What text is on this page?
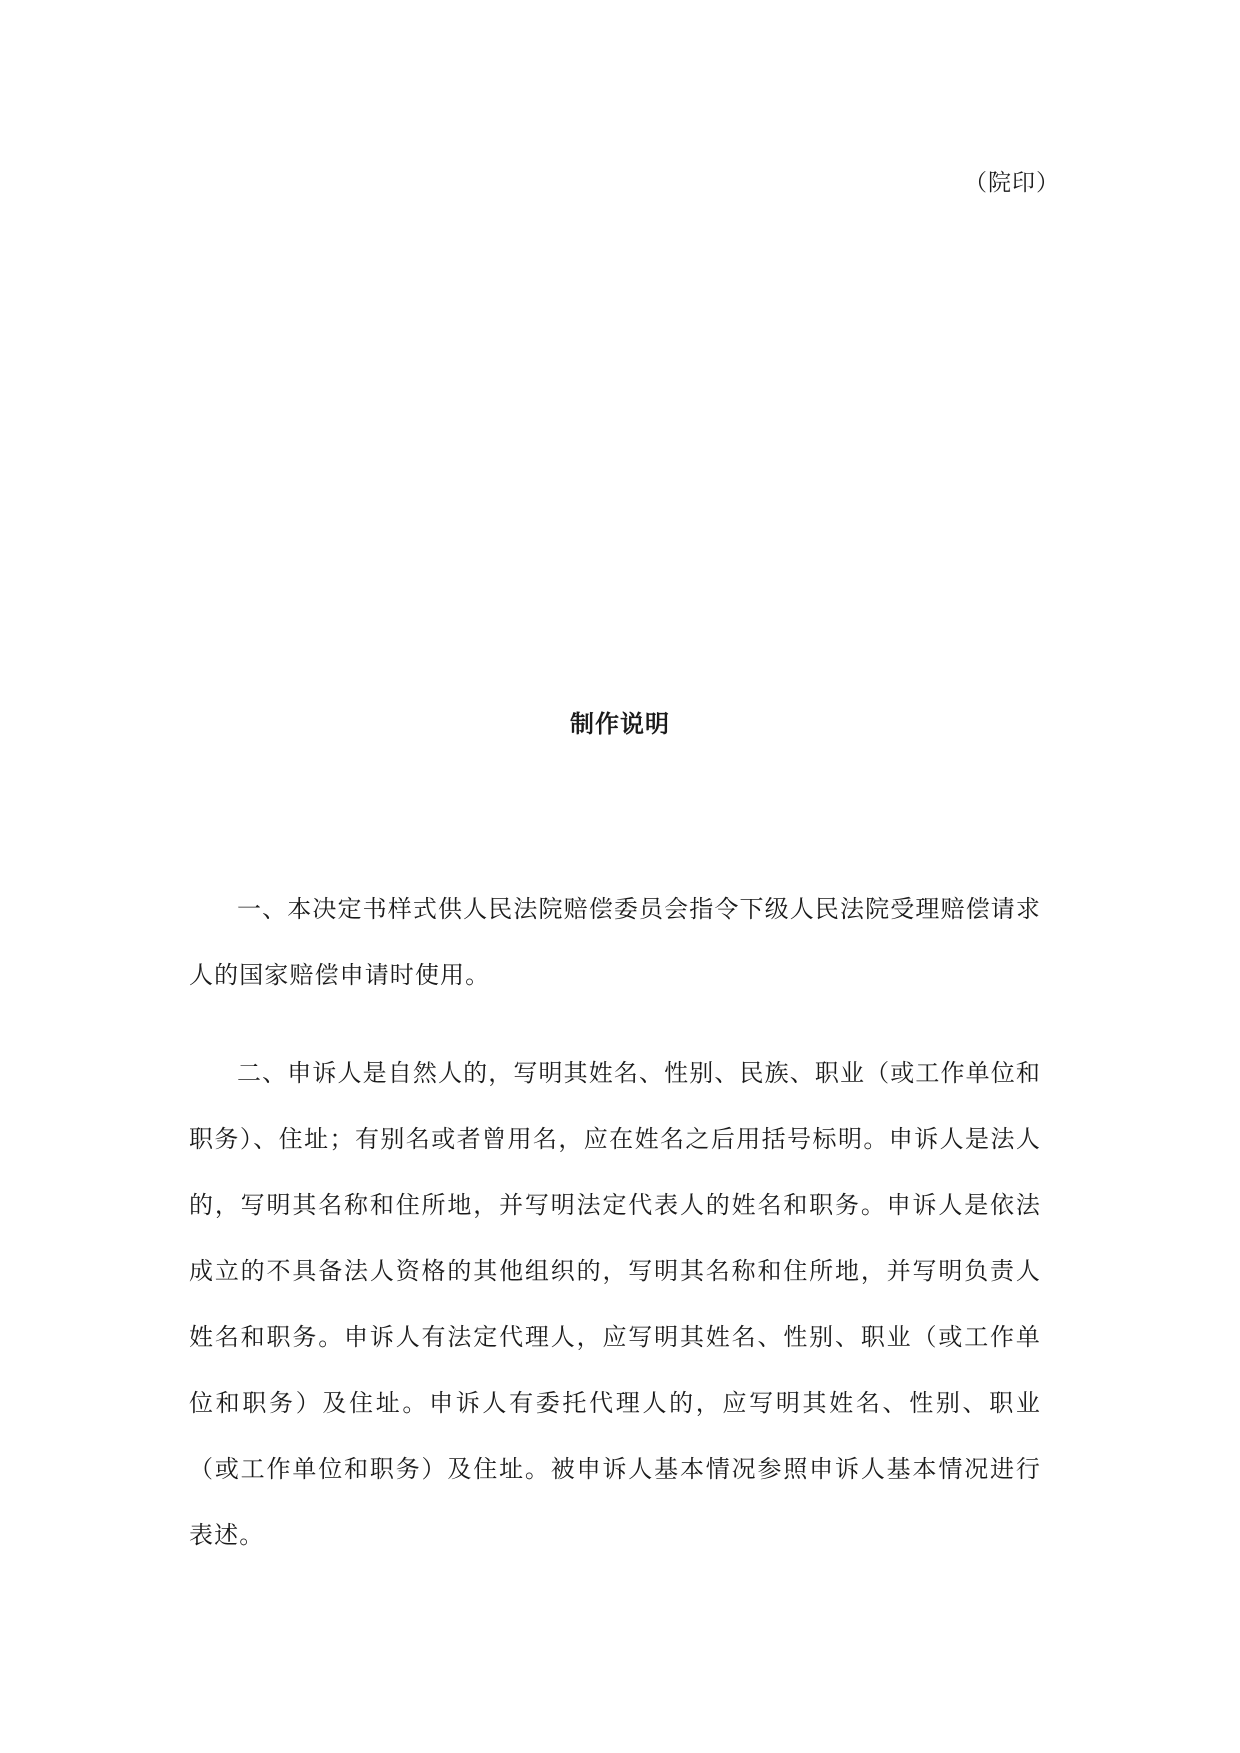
（院印）
制作说明

一、本决定书样式供人民法院赔偿委员会指令下级人民法院受理赔偿请求人的国家赔偿申请时使用。

二、申诉人是自然人的，写明其姓名、性别、民族、职业（或工作单位和职务）、住址；有别名或者曾用名，应在姓名之后用括号标明。申诉人是法人的，写明其名称和住所地，并写明法定代表人的姓名和职务。申诉人是依法成立的不具备法人资格的其他组织的，写明其名称和住所地，并写明负责人姓名和职务。申诉人有法定代理人，应写明其姓名、性别、职业（或工作单位和职务）及住址。申诉人有委托代理人的，应写明其姓名、性别、职业（或工作单位和职务）及住址。被申诉人基本情况参照申诉人基本情况进行表述。
